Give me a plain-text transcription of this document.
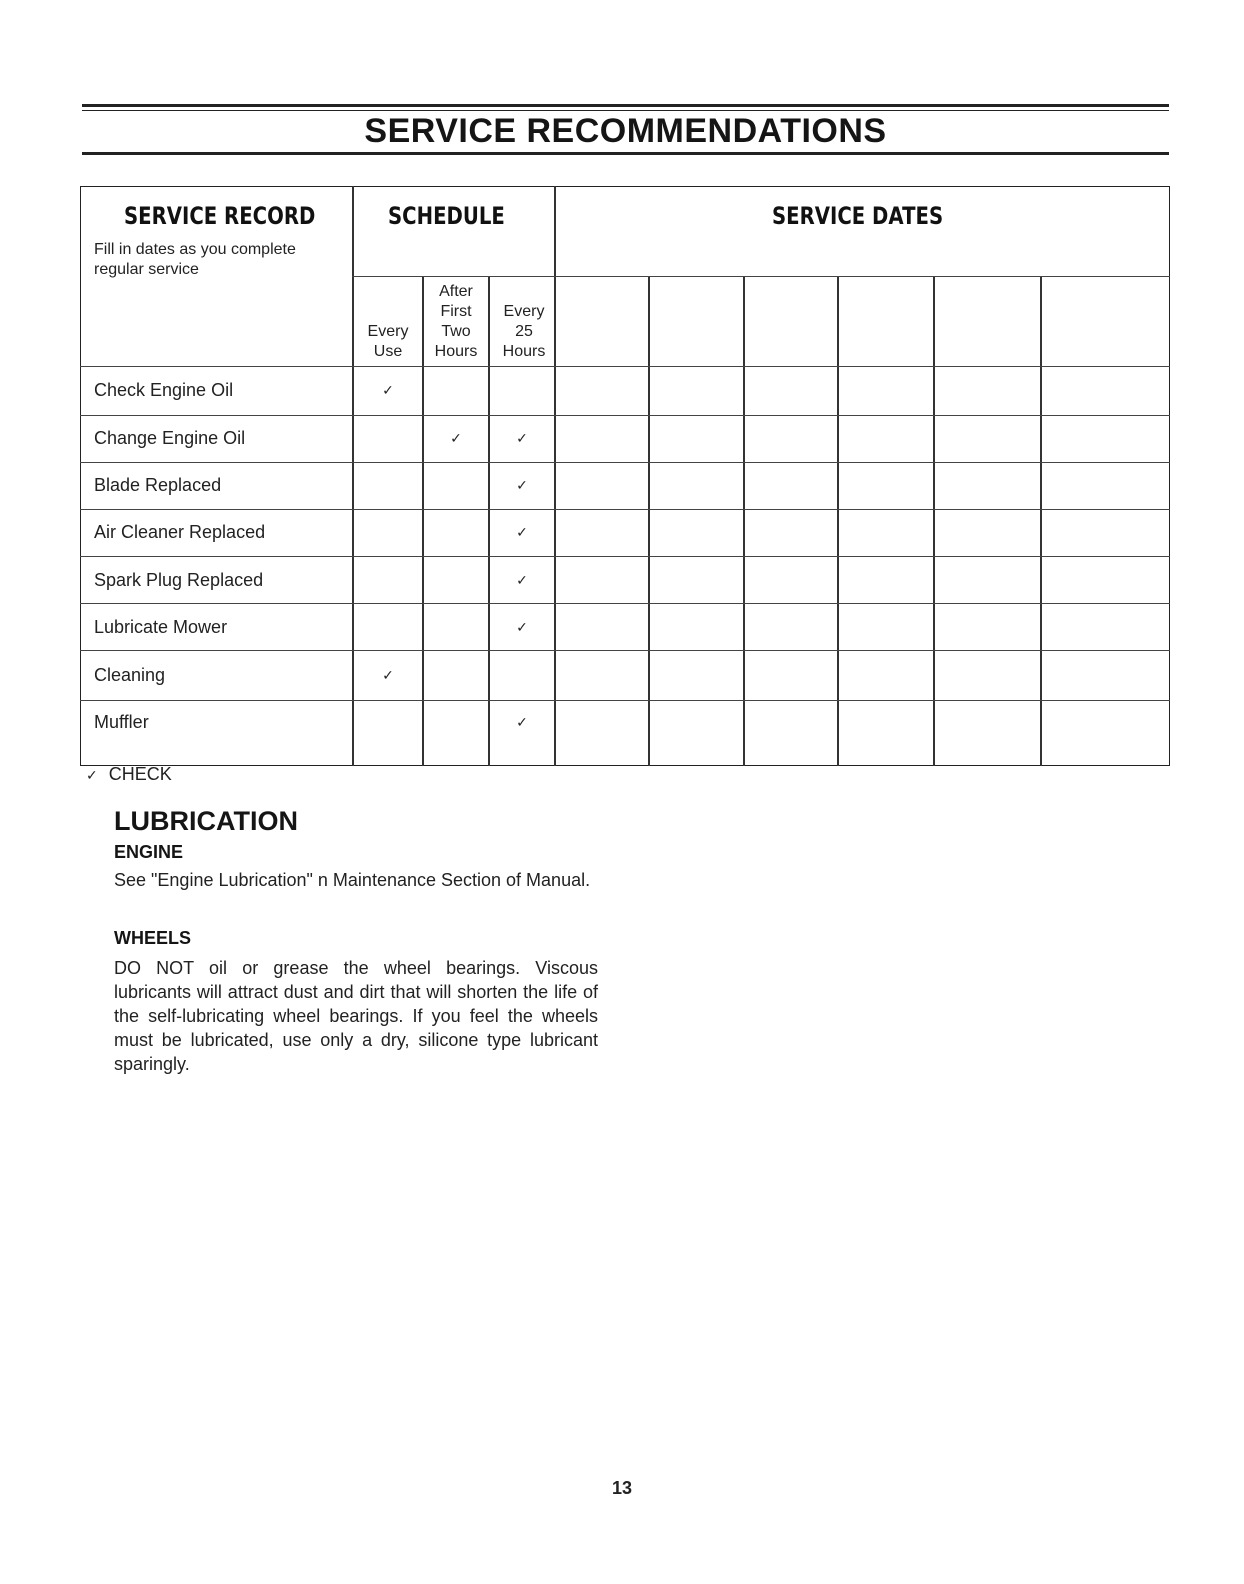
SERVICE RECOMMENDATIONS
SERVICE RECORD
Fill in dates as you complete regular service
SCHEDULE	SERVICE DATES
Every Use
After First Two Hours
Every 25 Hours
Check Engine Oil
Change Engine Oil
Blade Replaced
Air Cleaner Replaced
Spark Plug Replaced
Lubricate Mower
Cleaning
Muffler
✓
✓	✓
✓
✓
✓
✓
✓
✓
✓ CHECK
LUBRICATION
ENGINE
See "Engine Lubrication" n Maintenance Section of Manual.
WHEELS
DO NOT oil or grease the wheel bearings. Viscous lubricants will attract dust and dirt that will shorten the life of the self-lubricating wheel bearings. If you feel the wheels must be lubricated, use only a dry, silicone type lubricant sparingly.
13
